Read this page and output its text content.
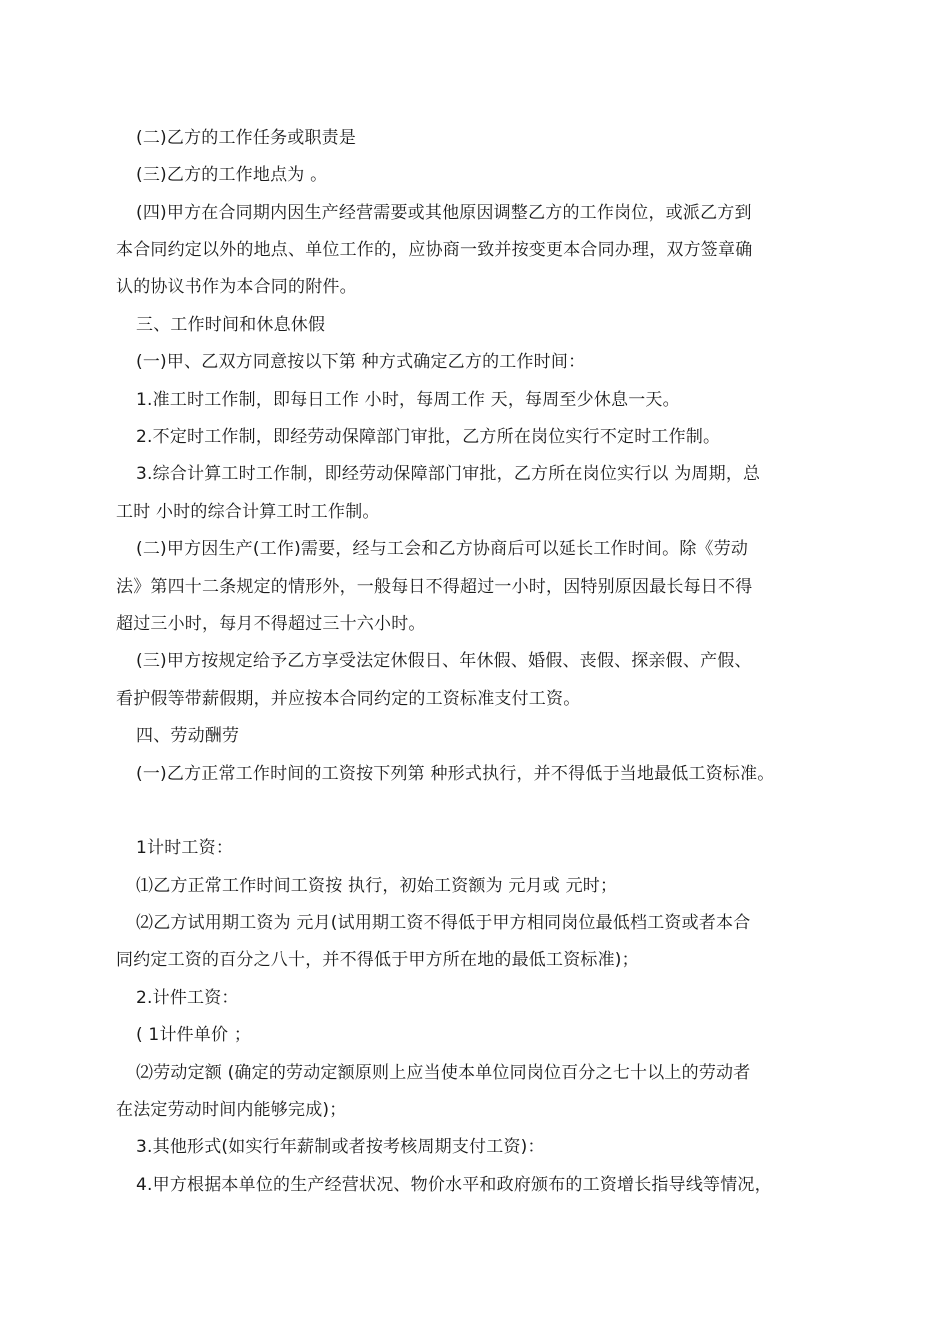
(二)乙方的工作任务或职责是
(三)乙方的工作地点为 。
(四)甲方在合同期内因生产经营需要或其他原因调整乙方的工作岗位，或派乙方到
本合同约定以外的地点、单位工作的，应协商一致并按变更本合同办理，双方签章确
认的协议书作为本合同的附件。
三、工作时间和休息休假
(一)甲、乙双方同意按以下第 种方式确定乙方的工作时间：
1.准工时工作制，即每日工作 小时，每周工作 天，每周至少休息一天。
2.不定时工作制，即经劳动保障部门审批，乙方所在岗位实行不定时工作制。
3.综合计算工时工作制，即经劳动保障部门审批，乙方所在岗位实行以 为周期，总
工时 小时的综合计算工时工作制。
(二)甲方因生产(工作)需要，经与工会和乙方协商后可以延长工作时间。除《劳动
法》第四十二条规定的情形外，一般每日不得超过一小时，因特别原因最长每日不得
超过三小时，每月不得超过三十六小时。
(三)甲方按规定给予乙方享受法定休假日、年休假、婚假、丧假、探亲假、产假、
看护假等带薪假期，并应按本合同约定的工资标准支付工资。
四、劳动酬劳
(一)乙方正常工作时间的工资按下列第 种形式执行，并不得低于当地最低工资标准。
1计时工资：
⑴乙方正常工作时间工资按 执行，初始工资额为 元月或 元时；
⑵乙方试用期工资为 元月(试用期工资不得低于甲方相同岗位最低档工资或者本合
同约定工资的百分之八十，并不得低于甲方所在地的最低工资标准)；
2.计件工资：
( 1计件单价 ；
⑵劳动定额 (确定的劳动定额原则上应当使本单位同岗位百分之七十以上的劳动者
在法定劳动时间内能够完成)；
3.其他形式(如实行年薪制或者按考核周期支付工资)：
4.甲方根据本单位的生产经营状况、物价水平和政府颁布的工资增长指导线等情况，
